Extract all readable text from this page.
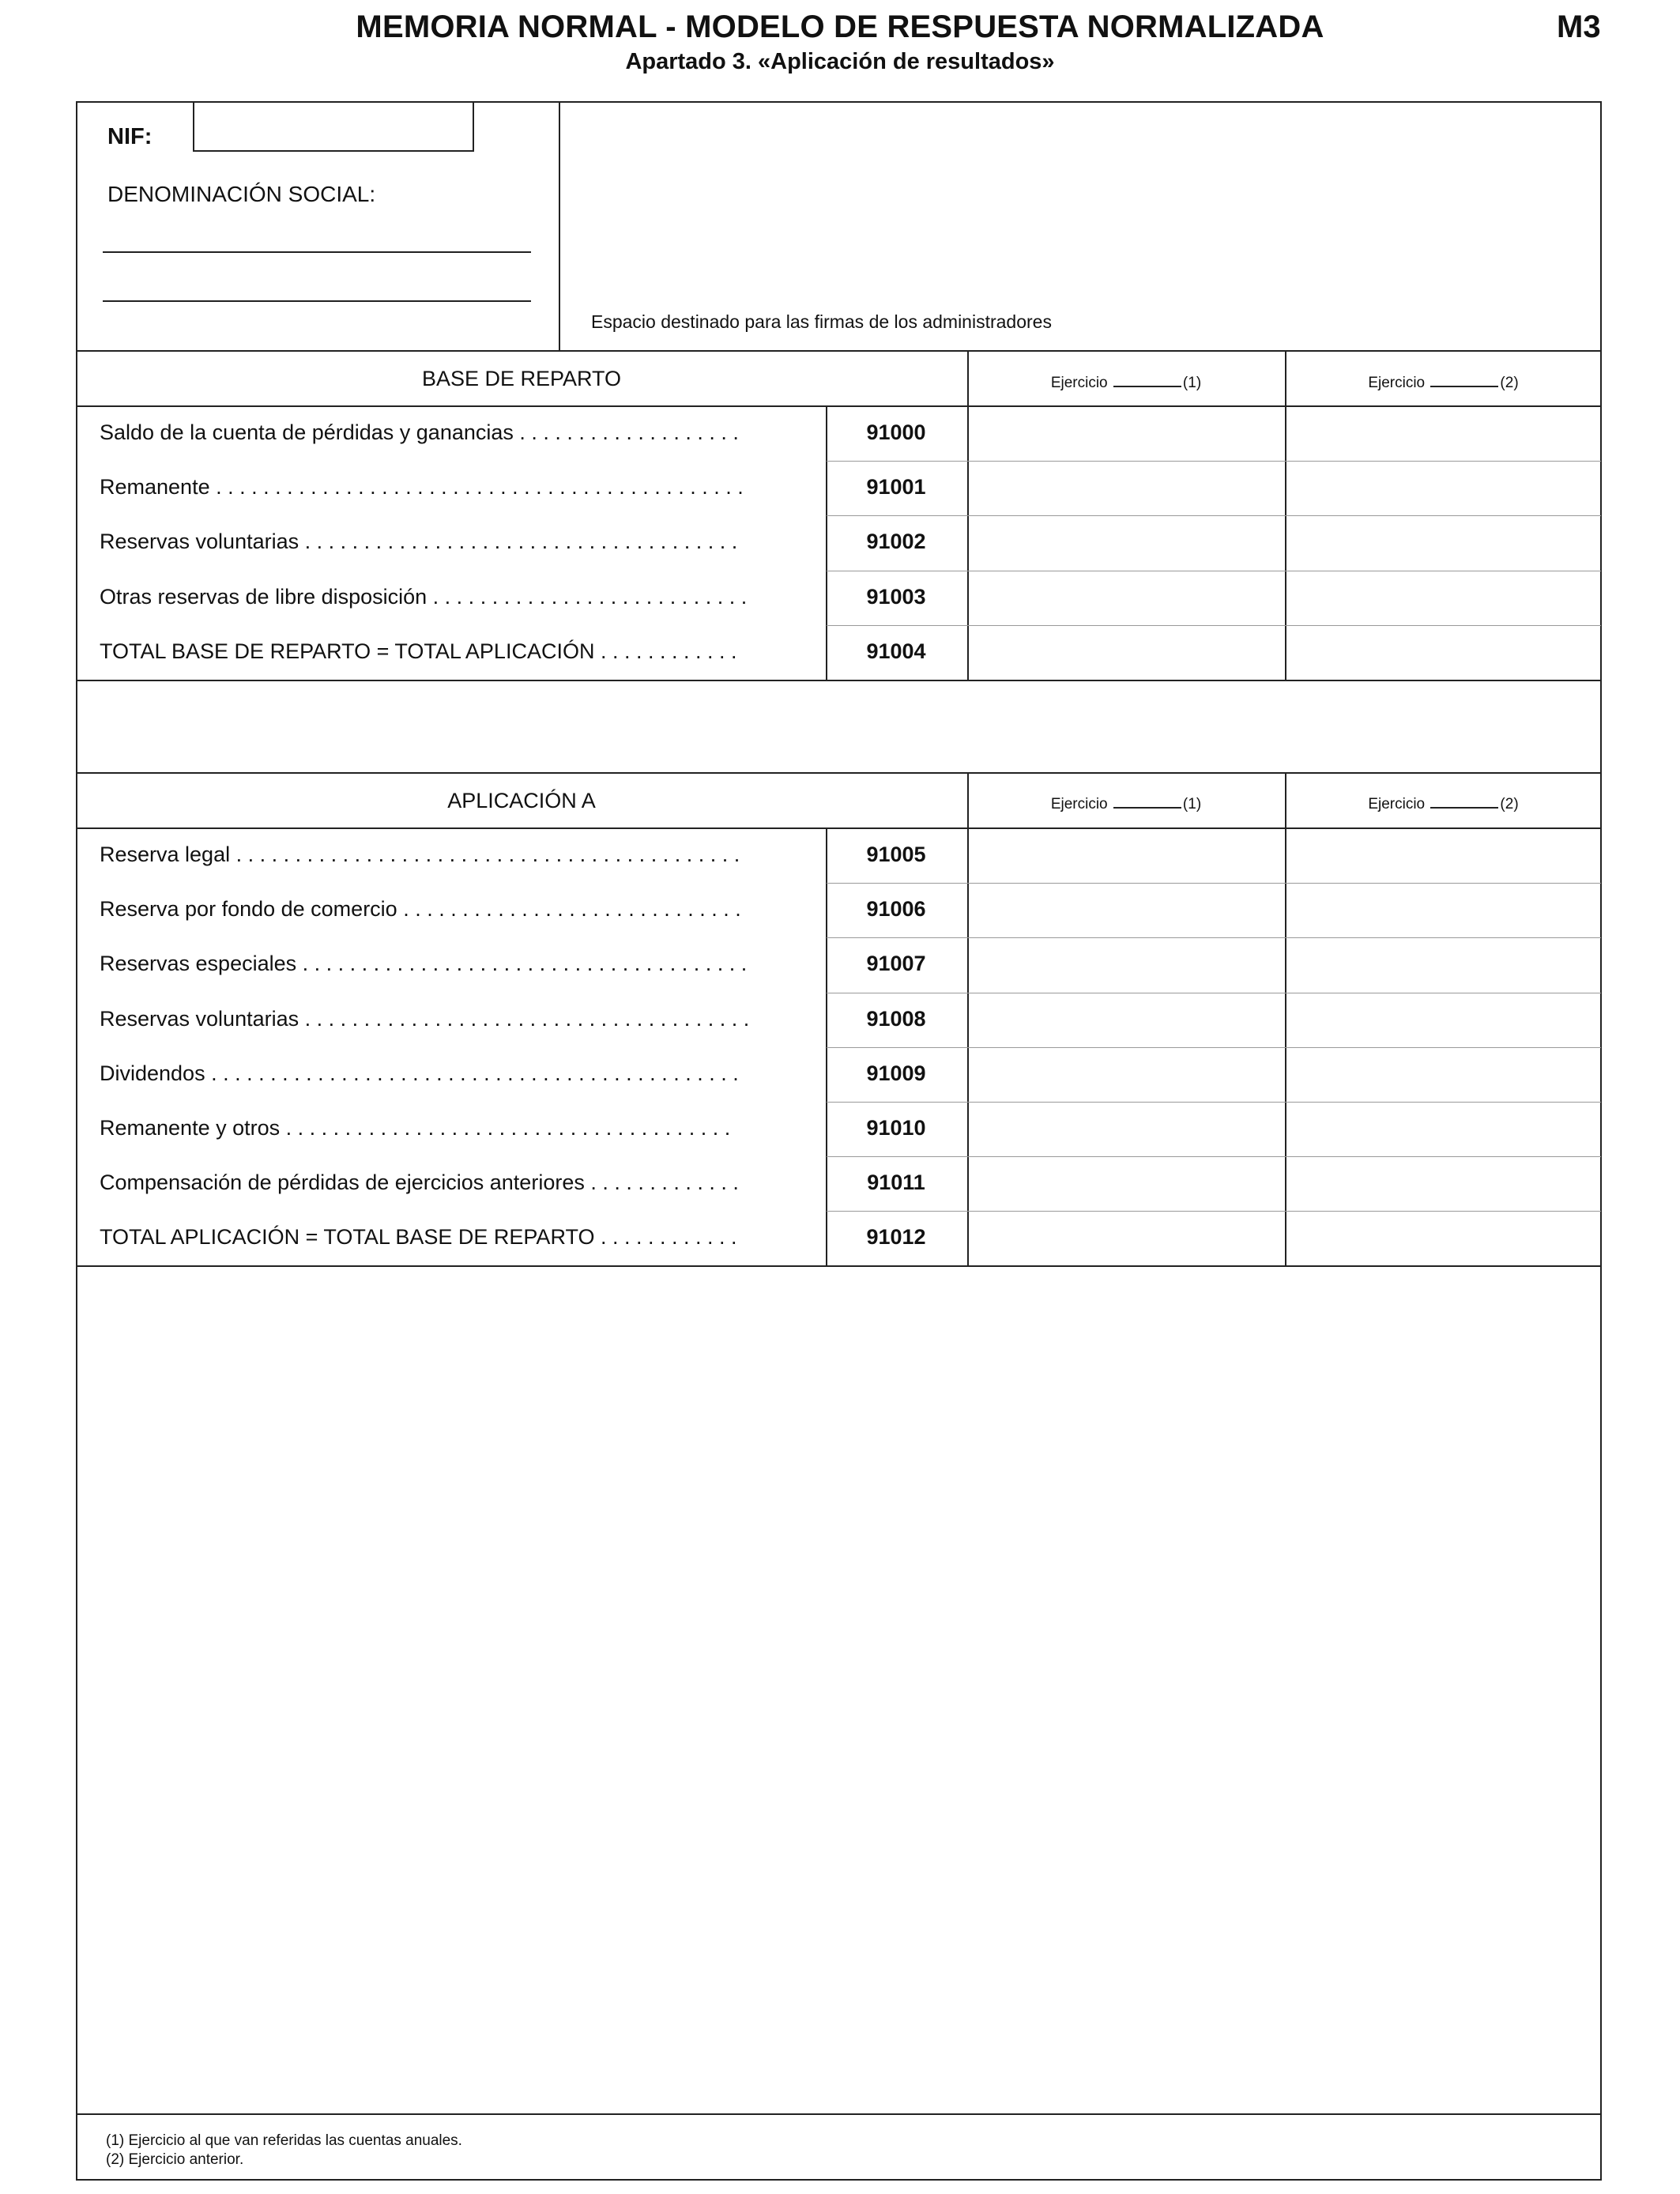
MEMORIA NORMAL - MODELO DE RESPUESTA NORMALIZADA
Apartado 3. «Aplicación de resultados»
M3
NIF:
DENOMINACIÓN SOCIAL:
Espacio destinado para las firmas de los administradores
BASE DE REPARTO	Ejercicio	(1)	Ejercicio	(2)
Saldo de la cuenta de pérdidas y ganancias . . . . . . . . . . . . . . . . . . .	91000
Remanente . . . . . . . . . . . . . . . . . . . . . . . . . . . . . . . . . . . . . . . . . . . . .	91001
Reservas voluntarias . . . . . . . . . . . . . . . . . . . . . . . . . . . . . . . . . . . . .	91002
Otras reservas de libre disposición . . . . . . . . . . . . . . . . . . . . . . . . . . .	91003
TOTAL BASE DE REPARTO = TOTAL APLICACIÓN . . . . . . . . . . . .	91004
APLICACIÓN A	Ejercicio	(1)	Ejercicio	(2)
Reserva legal . . . . . . . . . . . . . . . . . . . . . . . . . . . . . . . . . . . . . . . . . . .	91005
Reserva por fondo de comercio . . . . . . . . . . . . . . . . . . . . . . . . . . . . .	91006
Reservas especiales . . . . . . . . . . . . . . . . . . . . . . . . . . . . . . . . . . . . . .	91007
Reservas voluntarias . . . . . . . . . . . . . . . . . . . . . . . . . . . . . . . . . . . . . .	91008
Dividendos . . . . . . . . . . . . . . . . . . . . . . . . . . . . . . . . . . . . . . . . . . . . .	91009
Remanente y otros . . . . . . . . . . . . . . . . . . . . . . . . . . . . . . . . . . . . . .	91010
Compensación de pérdidas de ejercicios anteriores . . . . . . . . . . . . .	91011
TOTAL APLICACIÓN = TOTAL BASE DE REPARTO . . . . . . . . . . . .	91012
(1) Ejercicio al que van referidas las cuentas anuales.
(2) Ejercicio anterior.
